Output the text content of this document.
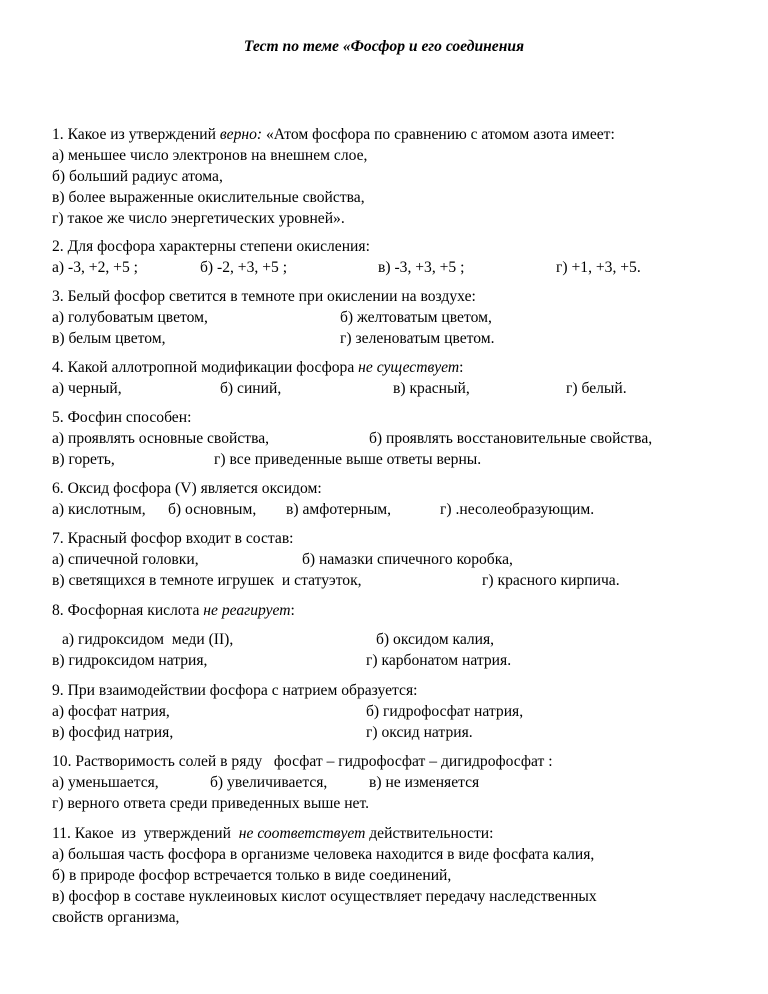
Тест по теме «Фосфор и его соединения
1. Какое из утверждений верно: «Атом фосфора по сравнению с атомом азота имеет:
а) меньшее число электронов на внешнем слое,
б) больший радиус атома,
в) более выраженные окислительные свойства,
г) такое же число энергетических уровней».
2. Для фосфора характерны степени окисления:
а) -3, +2, +5 ;	б) -2, +3, +5 ;	в) -3, +3, +5 ;	г) +1, +3, +5.
3. Белый фосфор светится в темноте при окислении на воздухе:
а) голубоватым цветом,	б) желтоватым цветом,
в) белым цветом,	г) зеленоватым цветом.
4. Какой аллотропной модификации фосфора не существует:
а) черный,	б) синий,	в) красный,	г) белый.
5. Фосфин способен:
а) проявлять основные свойства,	б) проявлять восстановительные свойства,
в) гореть,	г) все приведенные выше ответы верны.
6. Оксид фосфора (V) является оксидом:
а) кислотным, б) основным, в) амфотерным,	г) .несолеобразующим.
7. Красный фосфор входит в состав:
а) спичечной головки,	б) намазки спичечного коробка,
в) светящихся в темноте игрушек  и статуэток,	г) красного кирпича.
8. Фосфорная кислота не реагирует:
а) гидроксидом  меди (II),	б) оксидом калия,
в) гидроксидом натрия,	г) карбонатом натрия.
9. При взаимодействии фосфора с натрием образуется:
а) фосфат натрия,	б) гидрофосфат натрия,
в) фосфид натрия,	г) оксид натрия.
10. Растворимость солей в ряду   фосфат – гидрофосфат – дигидрофосфат :
а) уменьшается,	б) увеличивается,	в) не изменяется
г) верного ответа среди приведенных выше нет.
11. Какое  из  утверждений  не соответствует действительности:
а) большая часть фосфора в организме человека находится в виде фосфата калия,
б) в природе фосфор встречается только в виде соединений,
в) фосфор в составе нуклеиновых кислот осуществляет передачу наследственных
свойств организма,
